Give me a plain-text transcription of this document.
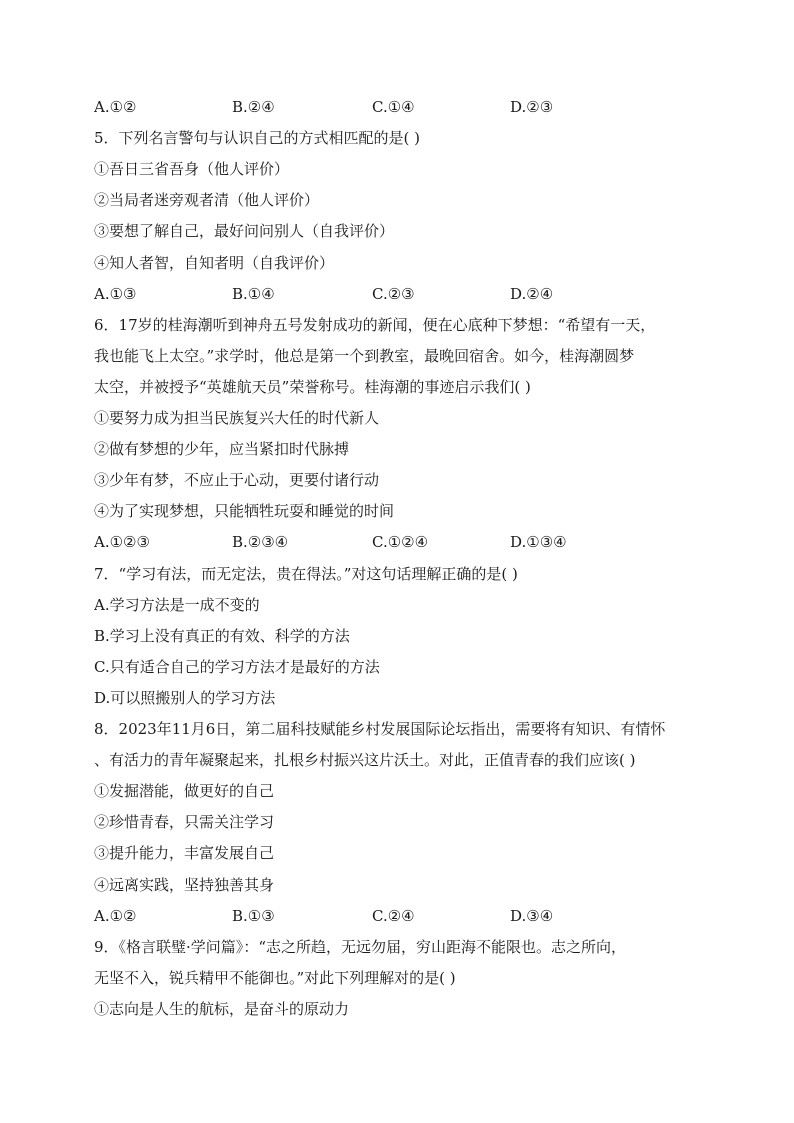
A.①②	B.②④	C.①④	D.②③
5．下列名言警句与认识自己的方式相匹配的是( )
①吾日三省吾身（他人评价）
②当局者迷旁观者清（他人评价）
③要想了解自己，最好问问别人（自我评价）
④知人者智，自知者明（自我评价）
A.①③	B.①④	C.②③	D.②④
6．17岁的桂海潮听到神舟五号发射成功的新闻，便在心底种下梦想：“希望有一天，
我也能飞上太空。”求学时，他总是第一个到教室，最晚回宿舍。如今，桂海潮圆梦
太空，并被授予“英雄航天员”荣誉称号。桂海潮的事迹启示我们( )
①要努力成为担当民族复兴大任的时代新人
②做有梦想的少年，应当紧扣时代脉搏
③少年有梦，不应止于心动，更要付诸行动
④为了实现梦想，只能牺牲玩耍和睡觉的时间
A.①②③	B.②③④	C.①②④	D.①③④
7．“学习有法，而无定法，贵在得法。”对这句话理解正确的是( )
A.学习方法是一成不变的
B.学习上没有真正的有效、科学的方法
C.只有适合自己的学习方法才是最好的方法
D.可以照搬别人的学习方法
8．2023年11月6日，第二届科技赋能乡村发展国际论坛指出，需要将有知识、有情怀
、有活力的青年凝聚起来，扎根乡村振兴这片沃土。对此，正值青春的我们应该( )
①发掘潜能，做更好的自己
②珍惜青春，只需关注学习
③提升能力，丰富发展自己
④远离实践，坚持独善其身
A.①②	B.①③	C.②④	D.③④
9．《格言联璧·学问篇》：“志之所趋，无远勿届，穷山距海不能限也。志之所向，
无坚不入，锐兵精甲不能御也。”对此下列理解对的是( )
①志向是人生的航标，是奋斗的原动力
